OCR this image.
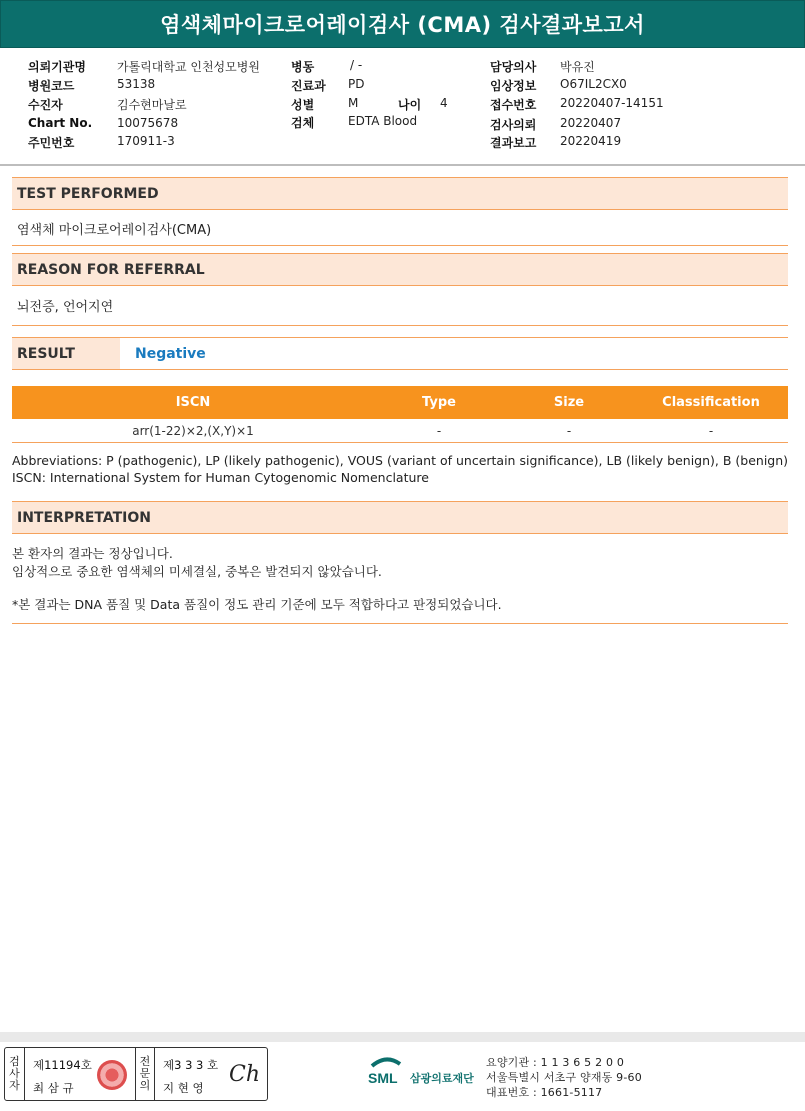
염색체마이크로어레이검사 (CMA) 검사결과보고서
의뢰기관명	가톨릭대학교 인천성모병원
병원코드	53138
수진자	김수현마날로
Chart No. 10075678
주민번호	170911-3
병동	/ -
진료과 PD
성별	M	나이 4
검체	EDTA Blood
담당의사 박유진
임상정보 O67IL2CX0
접수번호 20220407-14151
검사의뢰 20220407
결과보고 20220419
TEST PERFORMED
염색체 마이크로어레이검사(CMA)
REASON FOR REFERRAL
뇌전증, 언어지연
RESULT	Negative
ISCN	Type	Size	Classification
arr(1-22)×2,(X,Y)×1	-	-	-
Abbreviations: P (pathogenic), LP (likely pathogenic), VOUS (variant of uncertain significance), LB (likely benign), B (benign)
ISCN: International System for Human Cytogenomic Nomenclature
INTERPRETATION
본 환자의 결과는 정상입니다.
임상적으로 중요한 염색체의 미세결실, 중복은 발견되지 않았습니다.
*본 결과는 DNA 품질 및 Data 품질이 정도 관리 기준에 모두 적합하다고 판정되었습니다.
검
사
자
제11194호
최 삼 규
전
문
의
제3 3 3 호
지 현 영
Ch	SML 삼광의료재단
요양기관 : 1 1 3 6 5 2 0 0
서울특별시 서초구 양재동 9-60
대표번호 : 1661-5117
